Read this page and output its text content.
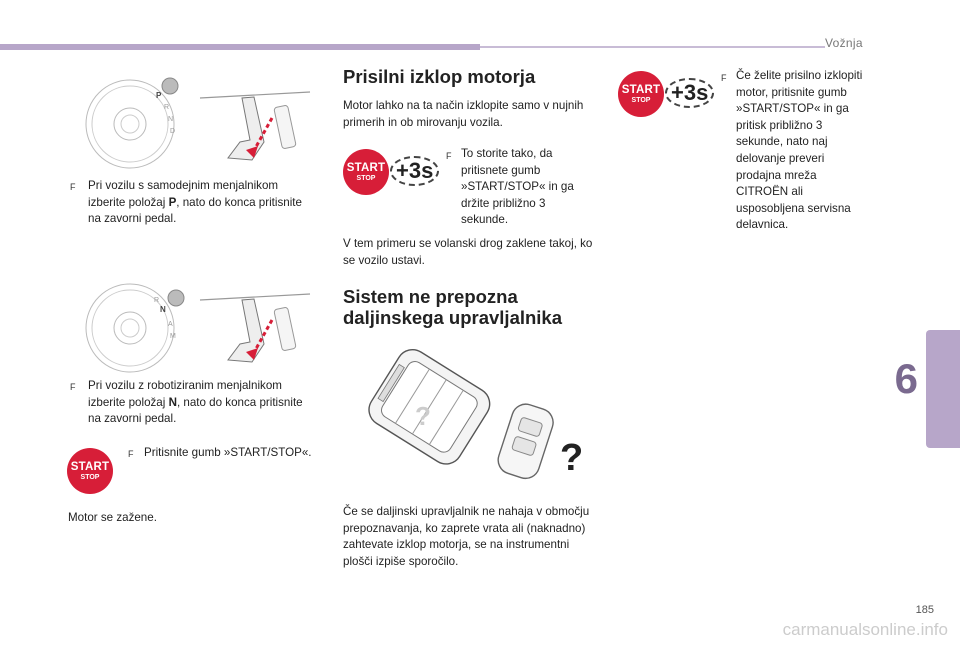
Vožnja
6
P
R
N
D
Pri vozilu s samodejnim menjalnikom izberite položaj P, nato do konca pritisnite na zavorni pedal.
F
R
N
A
M
Pri vozilu z robotiziranim menjalnikom izberite položaj N, nato do konca pritisnite na zavorni pedal.
F
START
STOP
F Pritisnite gumb »START/STOP«.
Motor se zažene.
Prisilni izklop motorja
Motor lahko na ta način izklopite samo v nujnih primerih in ob mirovanju vozila.
START
STOP +3s
F To storite tako, da pritisnete gumb »START/STOP« in ga držite približno 3 sekunde.
V tem primeru se volanski drog zaklene takoj, ko se vozilo ustavi.
Sistem ne prepozna
daljinskega upravljalnika
?
?
Če se daljinski upravljalnik ne nahaja v območju prepoznavanja, ko zaprete vrata ali (naknadno) zahtevate izklop motorja, se na instrumentni plošči izpiše sporočilo.
START
STOP +3s
F Če želite prisilno izklopiti motor, pritisnite gumb »START/STOP« in ga pritisk približno 3 sekunde, nato naj delovanje preveri prodajna mreža CITROËN ali usposobljena servisna delavnica.
185
carmanualsonline.info
